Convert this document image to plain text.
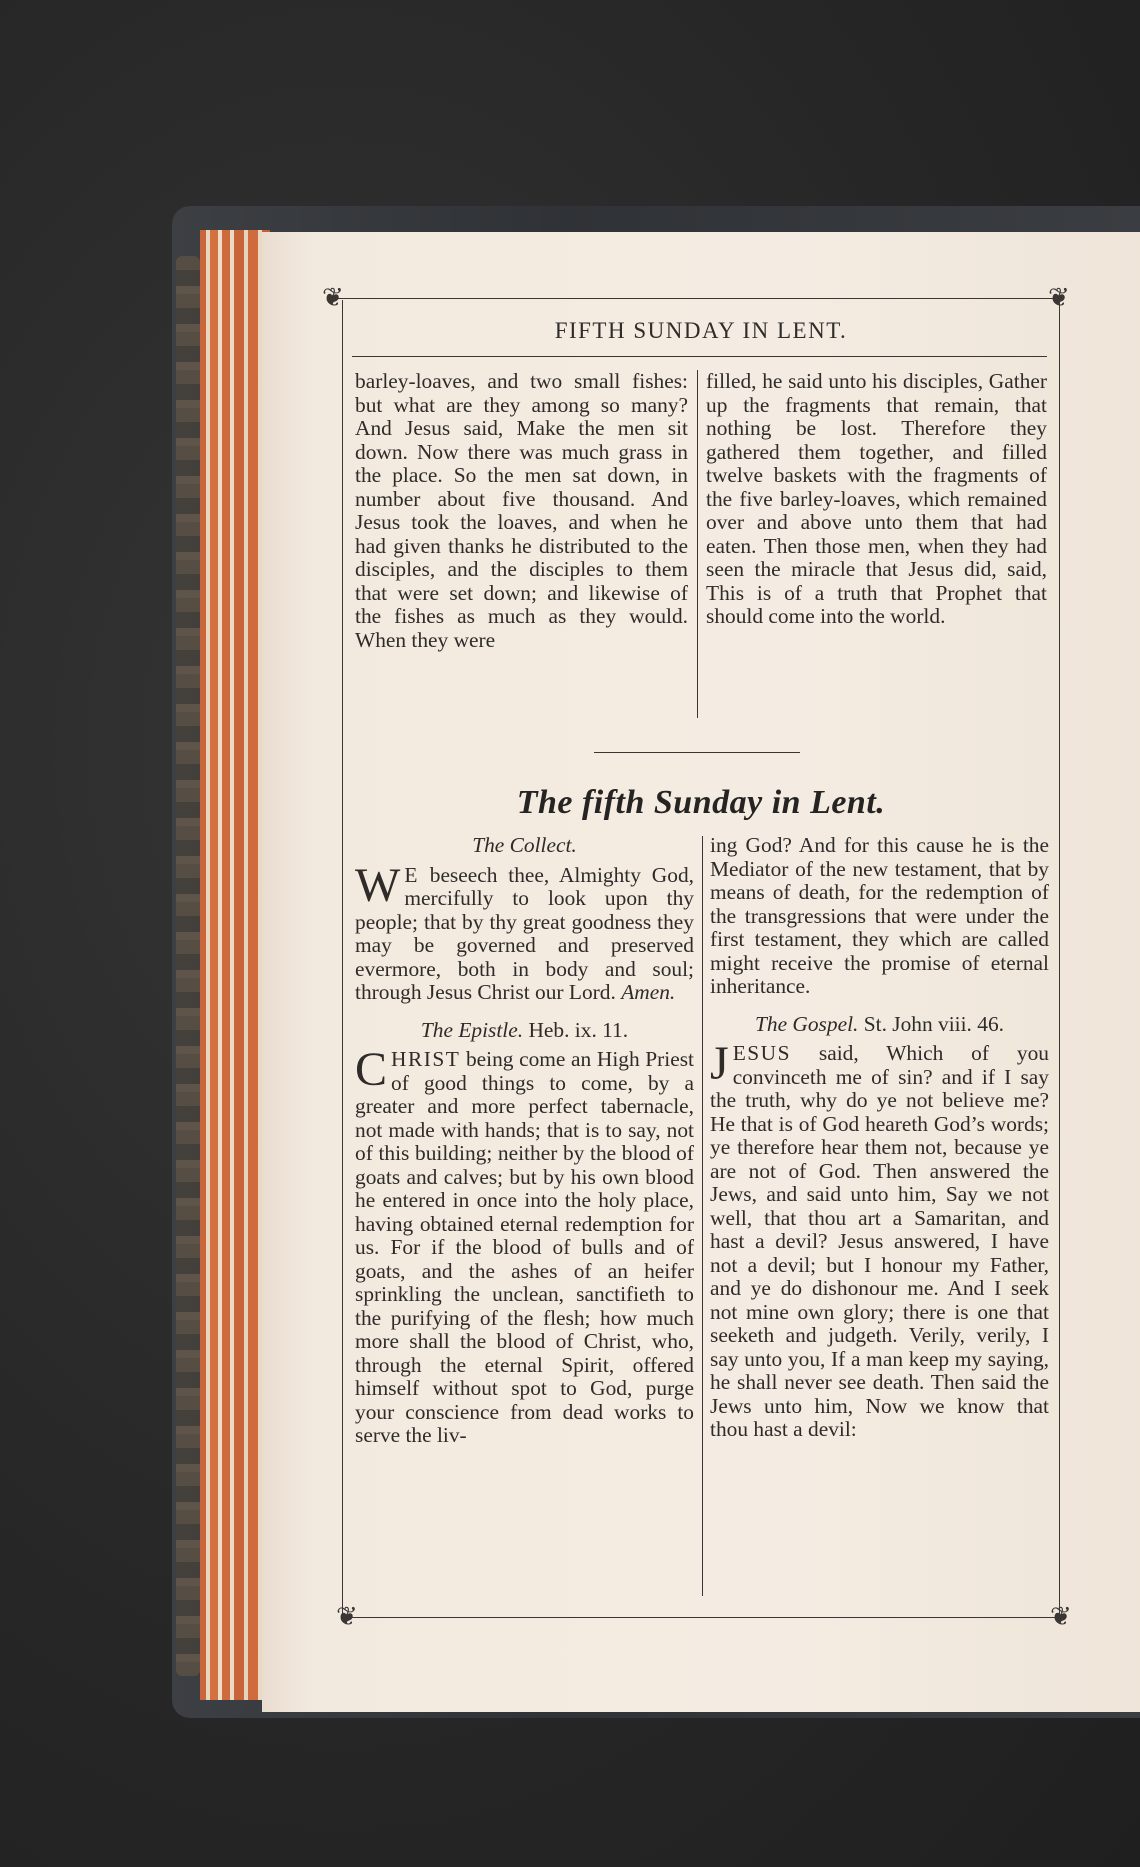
❦	❦
❦	❦
FIFTH SUNDAY IN LENT.

barley-loaves, and two small fishes: but what are they among so many? And Jesus said, Make the men sit down. Now there was much grass in the place. So the men sat down, in number about five thousand. And Jesus took the loaves, and when he had given thanks he distributed to the disciples, and the disciples to them that were set down; and likewise of the fishes as much as they would. When they were

filled, he said unto his disciples, Gather up the fragments that remain, that nothing be lost. Therefore they gathered them together, and filled twelve baskets with the fragments of the five barley-loaves, which remained over and above unto them that had eaten. Then those men, when they had seen the miracle that Jesus did, said, This is of a truth that Prophet that should come into the world.

The fifth Sunday in Lent.
The Collect.

W E beseech thee, Almighty God, mercifully to look upon thy people; that by thy great goodness they may be governed and preserved evermore, both in body and soul; through Jesus Christ our Lord. Amen.

The Epistle. Heb. ix. 11.

CHRIST being come an High Priest of good things to come, by a greater and more perfect tabernacle, not made with hands; that is to say, not of this building; neither by the blood of goats and calves; but by his own blood he entered in once into the holy place, having obtained eternal redemption for us. For if the blood of bulls and of goats, and the ashes of an heifer sprinkling the unclean, sanctifieth to the purifying of the flesh; how much more shall the blood of Christ, who, through the eternal Spirit, offered himself without spot to God, purge your conscience from dead works to serve the liv-

ing God? And for this cause he is the Mediator of the new testament, that by means of death, for the redemption of the transgressions that were under the first testament, they which are called might receive the promise of eternal inheritance.

The Gospel. St. John viii. 46.

JESUS said, Which of you convinceth me of sin? and if I say the truth, why do ye not believe me? He that is of God heareth God’s words; ye therefore hear them not, because ye are not of God. Then answered the Jews, and said unto him, Say we not well, that thou art a Samaritan, and hast a devil? Jesus answered, I have not a devil; but I honour my Father, and ye do dishonour me. And I seek not mine own glory; there is one that seeketh and judgeth. Verily, verily, I say unto you, If a man keep my saying, he shall never see death. Then said the Jews unto him, Now we know that thou hast a devil:
